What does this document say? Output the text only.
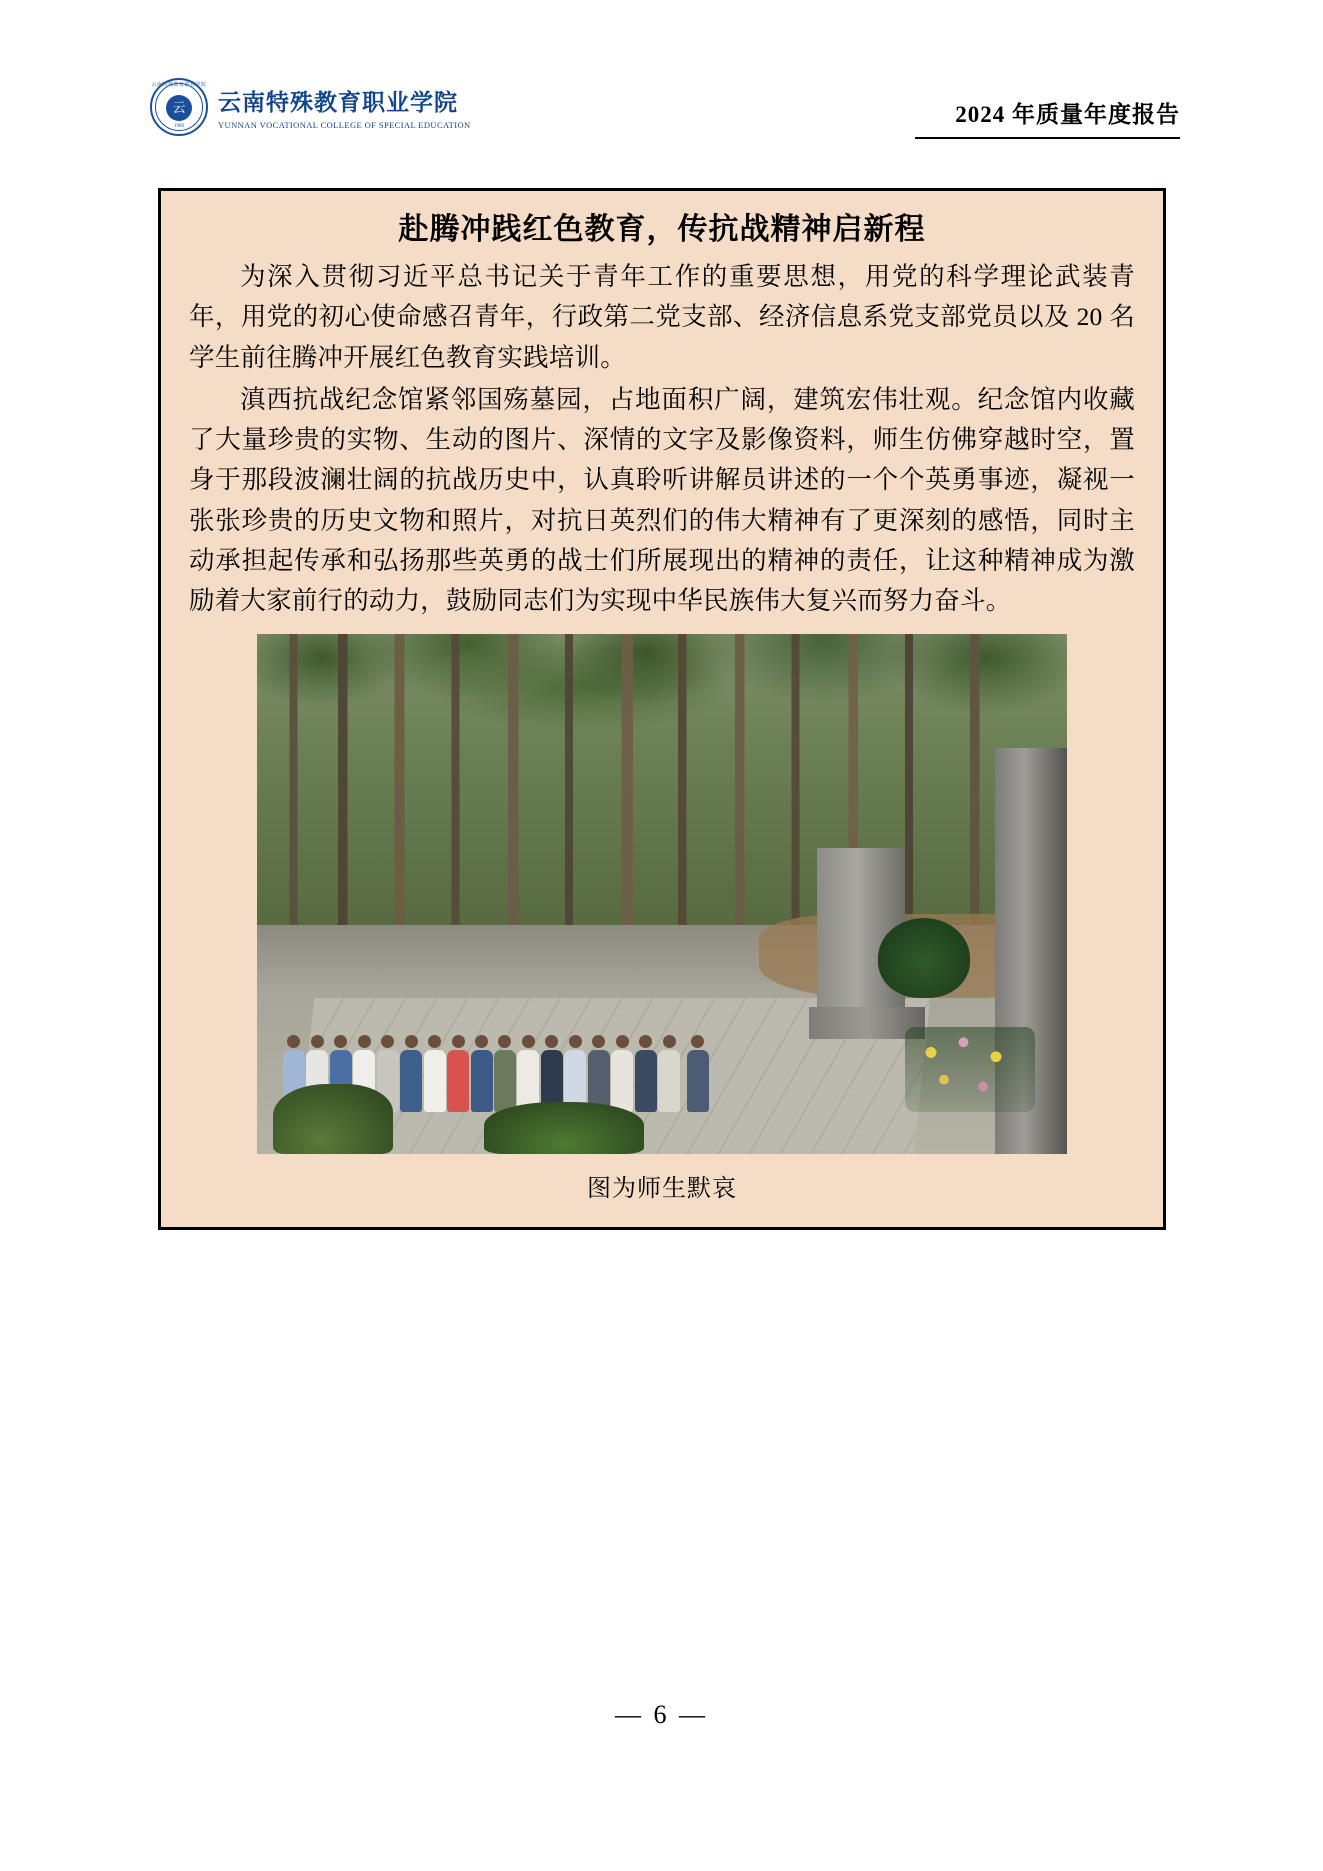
云南特殊教育职业学院
云
1989
云南特殊教育职业学院
YUNNAN VOCATIONAL COLLEGE OF SPECIAL EDUCATION	2024 年质量年度报告
赴腾冲践红色教育，传抗战精神启新程

为深入贯彻习近平总书记关于青年工作的重要思想，用党的科学理论武装青年，用党的初心使命感召青年，行政第二党支部、经济信息系党支部党员以及 20 名学生前往腾冲开展红色教育实践培训。

滇西抗战纪念馆紧邻国殇墓园，占地面积广阔，建筑宏伟壮观。纪念馆内收藏了大量珍贵的实物、生动的图片、深情的文字及影像资料，师生仿佛穿越时空，置身于那段波澜壮阔的抗战历史中，认真聆听讲解员讲述的一个个英勇事迹，凝视一张张珍贵的历史文物和照片，对抗日英烈们的伟大精神有了更深刻的感悟，同时主动承担起传承和弘扬那些英勇的战士们所展现出的精神的责任，让这种精神成为激励着大家前行的动力，鼓励同志们为实现中华民族伟大复兴而努力奋斗。

图为师生默哀
— 6 —
